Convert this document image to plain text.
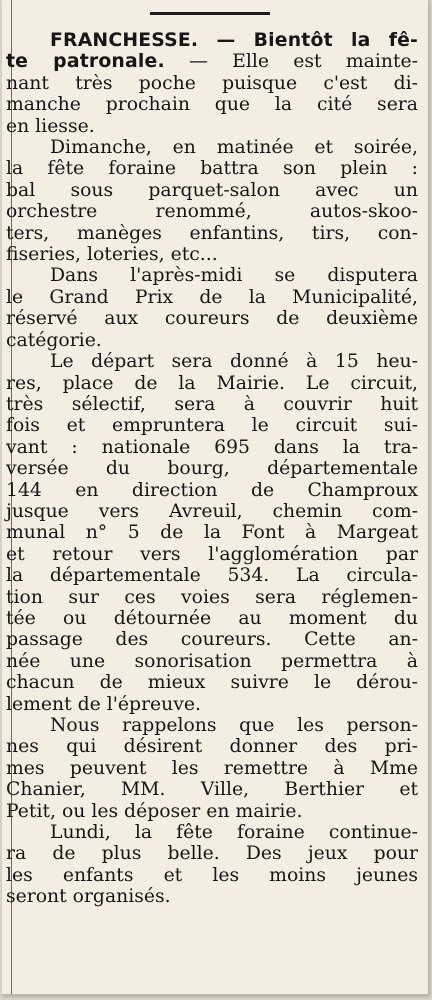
FRANCHESSE. — Bientôt la fê-
te patronale. — Elle est mainte-
nant très poche puisque c'est di-
manche prochain que la cité sera
en liesse.
Dimanche, en matinée et soirée,
la fête foraine battra son plein :
bal sous parquet-salon avec un
orchestre renommé, autos-skoo-
ters, manèges enfantins, tirs, con-
fiseries, loteries, etc...
Dans l'après-midi se disputera
le Grand Prix de la Municipalité,
réservé aux coureurs de deuxième
catégorie.
Le départ sera donné à 15 heu-
res, place de la Mairie. Le circuit,
très sélectif, sera à couvrir huit
fois et empruntera le circuit sui-
vant : nationale 695 dans la tra-
versée du bourg, départementale
144 en direction de Champroux
jusque vers Avreuil, chemin com-
munal n° 5 de la Font à Margeat
et retour vers l'agglomération par
la départementale 534. La circula-
tion sur ces voies sera réglemen-
tée ou détournée au moment du
passage des coureurs. Cette an-
née une sonorisation permettra à
chacun de mieux suivre le dérou-
lement de l'épreuve.
Nous rappelons que les person-
nes qui désirent donner des pri-
mes peuvent les remettre à Mme
Chanier, MM. Ville, Berthier et
Petit, ou les déposer en mairie.
Lundi, la fête foraine continue-
ra de plus belle. Des jeux pour
les enfants et les moins jeunes
seront organisés.
